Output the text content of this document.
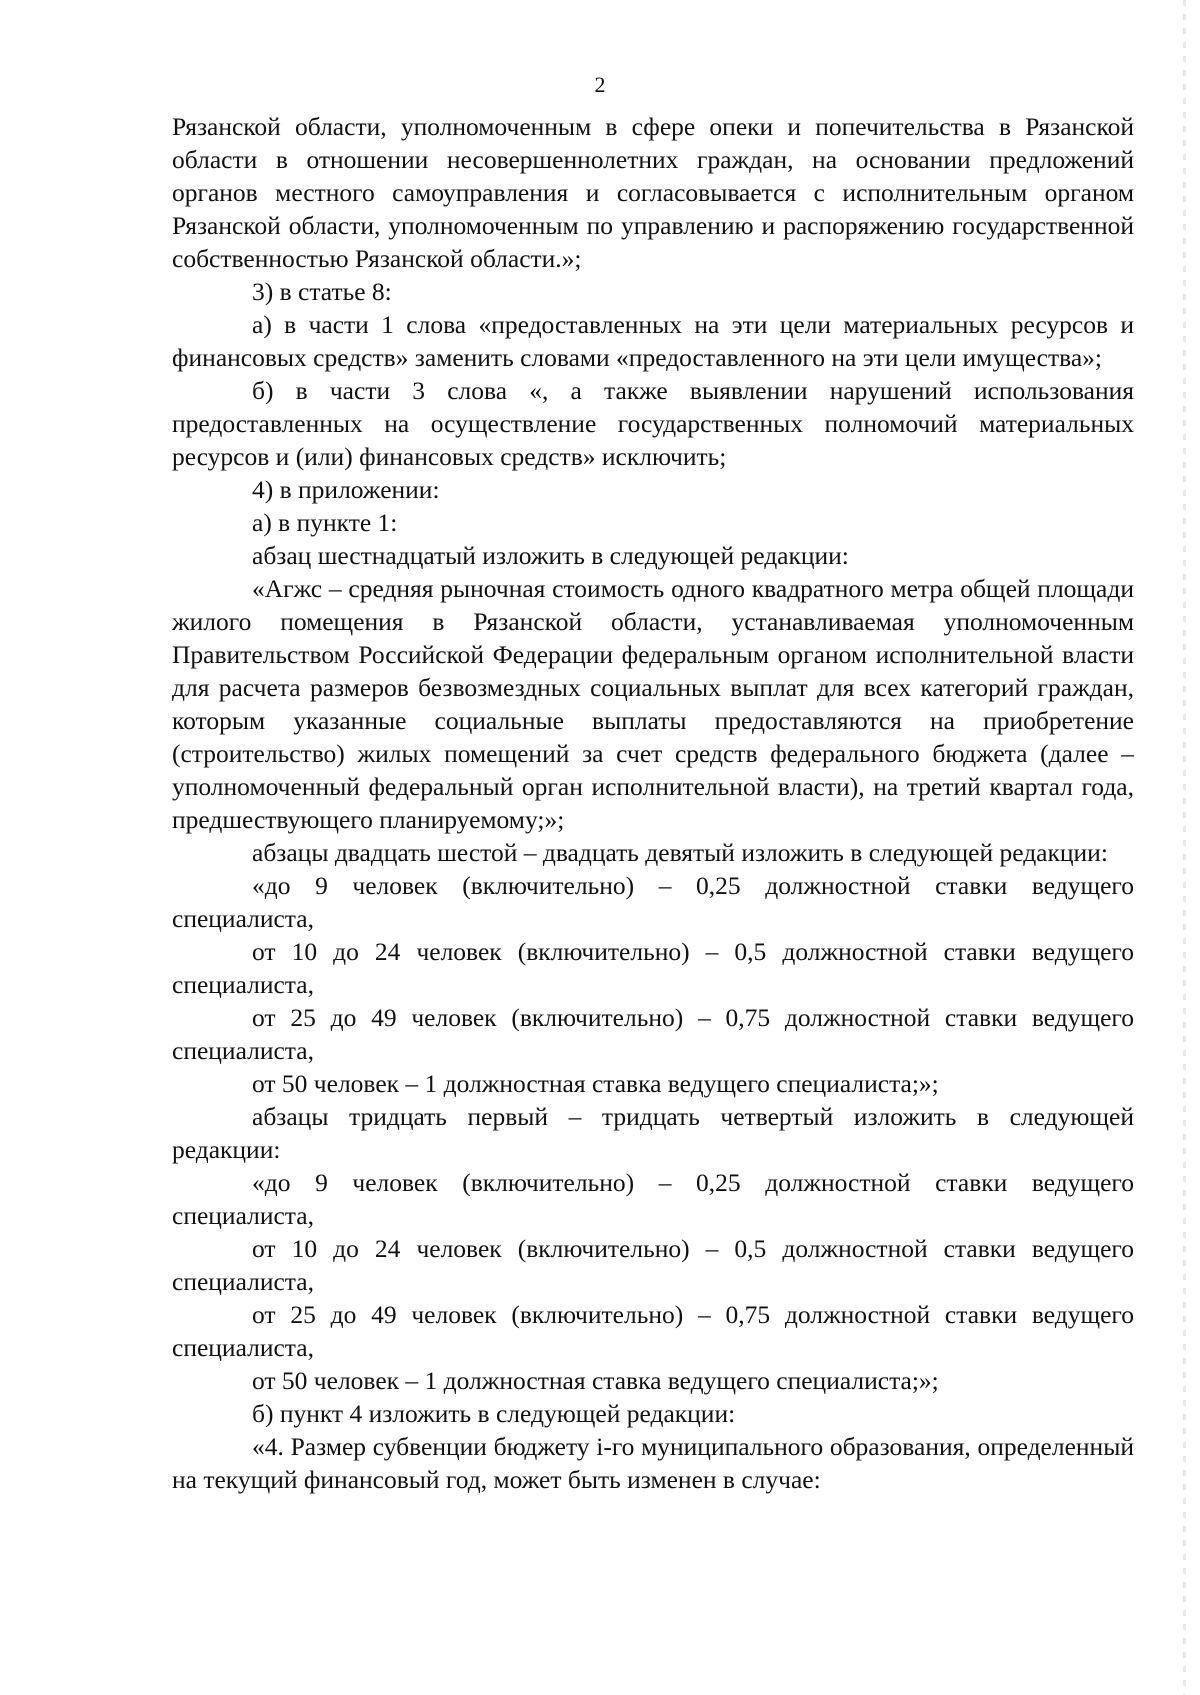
2

Рязанской области, уполномоченным в сфере опеки и попечительства в Рязанской области в отношении несовершеннолетних граждан, на основании предложений органов местного самоуправления и согласовывается с исполнительным органом Рязанской области, уполномоченным по управлению и распоряжению государственной собственностью Рязанской области.»;

3) в статье 8:

а) в части 1 слова «предоставленных на эти цели материальных ресурсов и финансовых средств» заменить словами «предоставленного на эти цели имущества»;

б) в части 3 слова «, а также выявлении нарушений использования предоставленных на осуществление государственных полномочий материальных ресурсов и (или) финансовых средств» исключить;

4) в приложении:

а) в пункте 1:

абзац шестнадцатый изложить в следующей редакции:

«Агжс – средняя рыночная стоимость одного квадратного метра общей площади жилого помещения в Рязанской области, устанавливаемая уполномоченным Правительством Российской Федерации федеральным органом исполнительной власти для расчета размеров безвозмездных социальных выплат для всех категорий граждан, которым указанные социальные выплаты предоставляются на приобретение (строительство) жилых помещений за счет средств федерального бюджета (далее – уполномоченный федеральный орган исполнительной власти), на третий квартал года, предшествующего планируемому;»;

абзацы двадцать шестой – двадцать девятый изложить в следующей редакции:

«до 9 человек (включительно) – 0,25 должностной ставки ведущего специалиста,

от 10 до 24 человек (включительно) – 0,5 должностной ставки ведущего специалиста,

от 25 до 49 человек (включительно) – 0,75 должностной ставки ведущего специалиста,

от 50 человек – 1 должностная ставка ведущего специалиста;»;

абзацы тридцать первый – тридцать четвертый изложить в следующей редакции:

«до 9 человек (включительно) – 0,25 должностной ставки ведущего специалиста,

от 10 до 24 человек (включительно) – 0,5 должностной ставки ведущего специалиста,

от 25 до 49 человек (включительно) – 0,75 должностной ставки ведущего специалиста,

от 50 человек – 1 должностная ставка ведущего специалиста;»;

б) пункт 4 изложить в следующей редакции:

«4. Размер субвенции бюджету i-го муниципального образования, определенный на текущий финансовый год, может быть изменен в случае:
